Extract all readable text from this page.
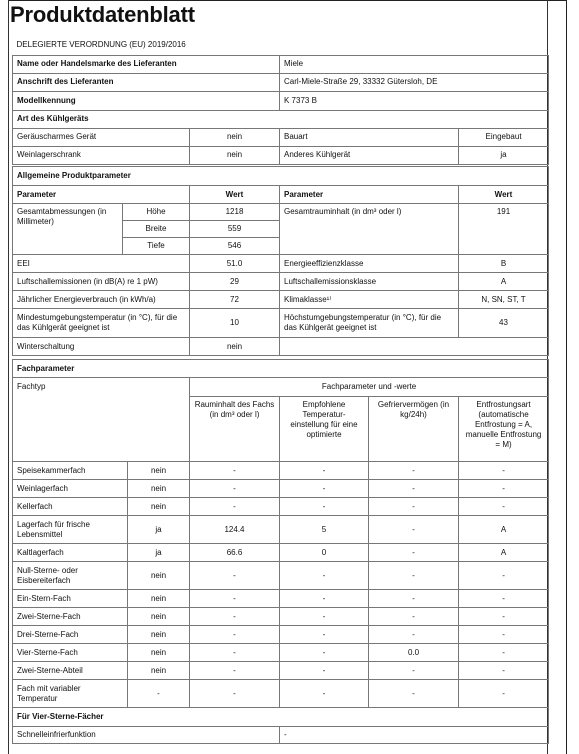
Produktdatenblatt
DELEGIERTE VERORDNUNG (EU) 2019/2016			
Name oder Handelsmarke des Lieferanten		Miele	
Anschrift des Lieferanten		Carl-Miele-Straße 29, 33332 Gütersloh, DE	
Modellkennung		K 7373 B	
Art des Kühlgeräts			
Geräuscharmes Gerät	nein	Bauart	Eingebaut
Weinlagerschrank	nein	Anderes Kühlgerät	ja
Allgemeine Produktparameter				
Parameter		Wert	Parameter	Wert
Gesamtabmessungen (in Millimeter)	Höhe	1218	Gesamtrauminhalt (in dm³ oder l)	191
	Breite	559		
	Tiefe	546		
EEI		51.0	Energieeffizienzklasse	B
Luftschallemissionen (in dB(A) re 1 pW)		29	Luftschallemissionsklasse	A
Jährlicher Energieverbrauch (in kWh/a)		72	Klimaklasse¹⁾	N, SN, ST, T
Mindestumgebungstemperatur (in °C), für die das Kühlgerät geeignet ist		10	Höchstumgebungstemperatur (in °C), für die das Kühlgerät geeignet ist	43
Winterschaltung		nein		
Fachparameter					
Fachtyp		Fachparameter und -werte			
		Rauminhalt des Fachs (in dm³ oder l)	Empfohlene Temperatur-einstellung für eine optimierte	Gefriervermögen (in kg/24h)	Entfrostungsart (automatische Entfrostung = A, manuelle Entfrostung = M)
Speisekammerfach	nein	-	-	-	-
Weinlagerfach	nein	-	-	-	-
Kellerfach	nein	-	-	-	-
Lagerfach für frische Lebensmittel	ja	124.4	5	-	A
Kaltlagerfach	ja	66.6	0	-	A
Null-Sterne- oder Eisbereiterfach	nein	-	-	-	-
Ein-Stern-Fach	nein	-	-	-	-
Zwei-Sterne-Fach	nein	-	-	-	-
Drei-Sterne-Fach	nein	-	-	-	-
Vier-Sterne-Fach	nein	-	-	0.0	-
Zwei-Sterne-Abteil	nein	-	-	-	-
Fach mit variabler Temperatur	-	-	-	-	-
Für Vier-Sterne-Fächer					
Schnelleinfrierfunktion			-		
